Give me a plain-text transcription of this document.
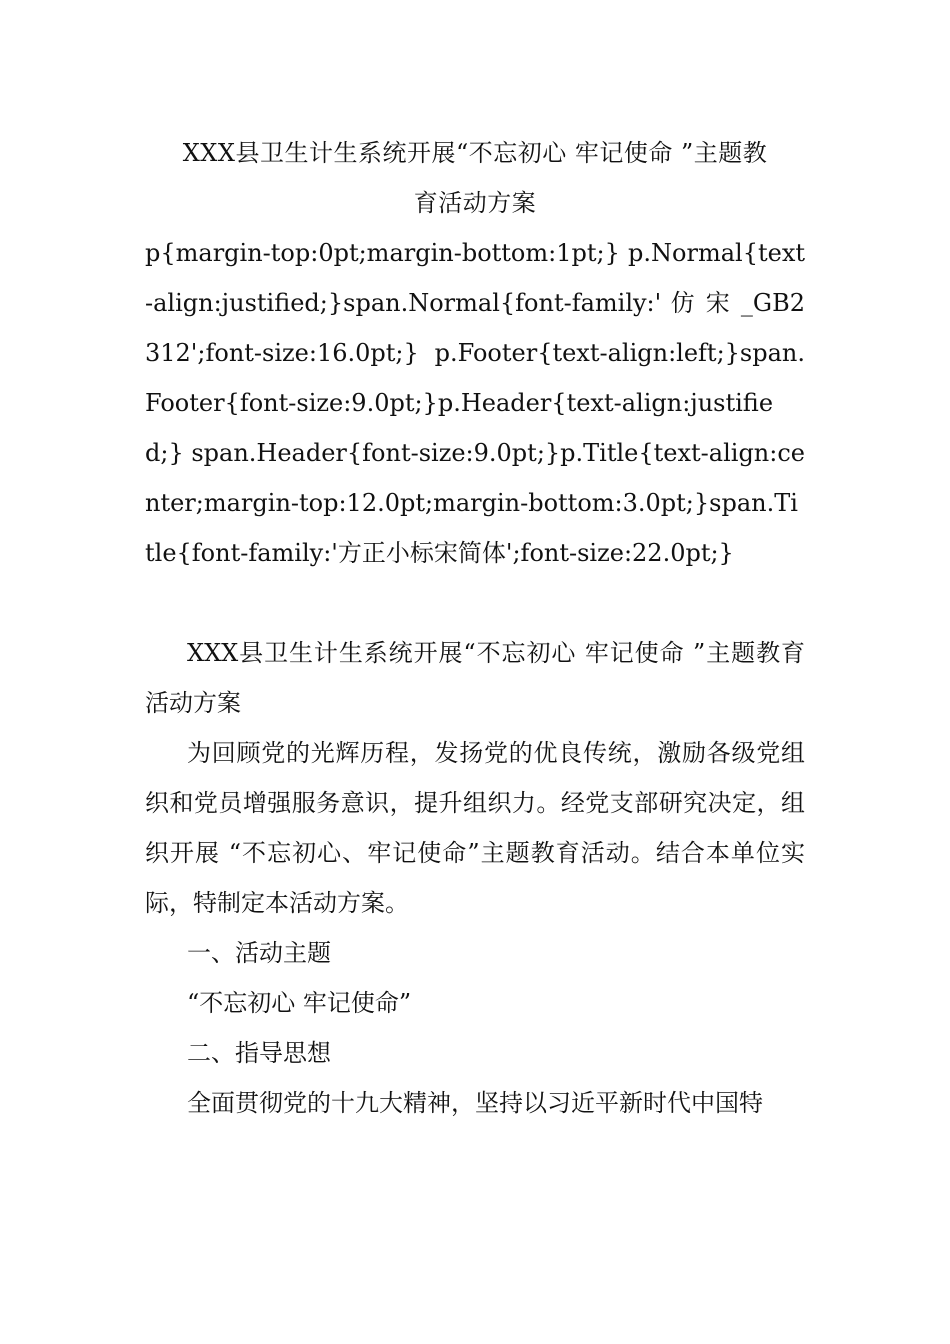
XXX县卫生计生系统开展“不忘初心 牢记使命 ”主题教

育活动方案

p{margin-top:0pt;margin-bottom:1pt;} p.Normal{text-align:justified;}span.Normal{font-family:' 仿 宋 _GB2312';font-size:16.0pt;} p.Footer{text-align:left;}span.Footer{font-size:9.0pt;}p.Header{text-align:justified;} span.Header{font-size:9.0pt;}p.Title{text-align:center;margin-top:12.0pt;margin-bottom:3.0pt;}span.Title{font-family:'方正小标宋简体';font-size:22.0pt;}

XXX县卫生计生系统开展“不忘初心 牢记使命 ”主题教育活动方案

为回顾党的光辉历程，发扬党的优良传统，激励各级党组织和党员增强服务意识，提升组织力。经党支部研究决定，组织开展 “不忘初心、牢记使命”主题教育活动。结合本单位实际，特制定本活动方案。

一、活动主题

“不忘初心 牢记使命”

二、指导思想

全面贯彻党的十九大精神，坚持以习近平新时代中国特
